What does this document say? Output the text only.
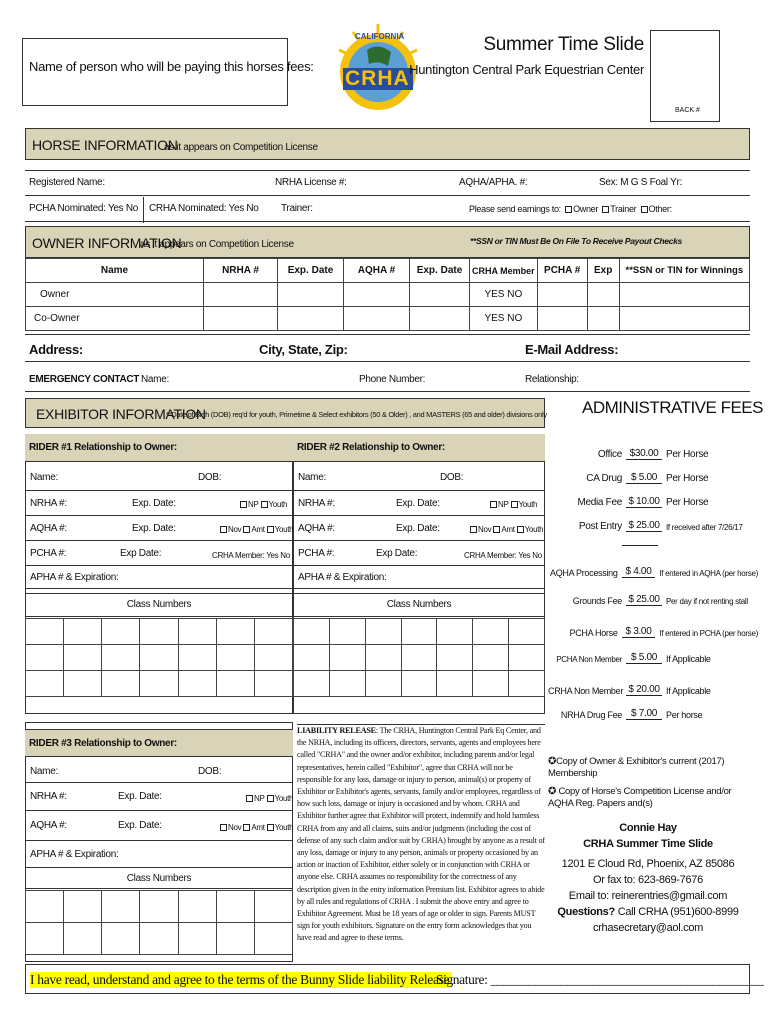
Name of person who will be paying this horses fees:
CALIFORNIA
CRHA
Summer Time Slide
Huntington Central Park Equestrian Center
BACK #
HORSE INFORMATION
as it appears on Competition License
Registered Name:	NRHA License #:	AQHA/APHA. #:	Sex: M G S Foal Yr:
PCHA Nominated: Yes No CRHA Nominated: Yes No Trainer:	Please send earnings to: Owner Trainer Other:
OWNER INFORMATION
as it appears on Competition License	**SSN or TIN Must Be On File To Receive Payout Checks
Name	NRHA #	Exp. Date	AQHA #	Exp. Date	CRHA Member	PCHA #	Exp	**SSN or TIN for Winnings
Owner					YES NO			
Co-Owner					YES NO			
Address:	City, State, Zip:	E-Mail Address:
EMERGENCY CONTACT Name:	Phone Number:	Relationship:
EXHIBITOR INFORMATION
**Date of Birth (DOB) req'd for youth, Primetime & Select exhibitors (50 & Older) , and MASTERS (65 and older) divisions only ADMINISTRATIVE FEES
RIDER #1 Relationship to Owner:
Name:	DOB:
NRHA #:	Exp. Date:	NP Youth
AQHA #:	Exp. Date:	Nov Amt Youth
PCHA #:	Exp Date:	CRHA Member: Yes No
APHA # & Expiration:
Class Numbers

RIDER #2 Relationship to Owner:
Name:	DOB:
NRHA #:	Exp. Date:	NP Youth
AQHA #:	Exp. Date:	Nov Amt Youth
PCHA #:	Exp Date:	CRHA Member: Yes No
APHA # & Expiration:
Class Numbers

Office $30.00 Per Horse
CA Drug $ 5.00 Per Horse
Media Fee $ 10.00 Per Horse
Post Entry $ 25.00 If received after 7/26/17
AQHA Processing $ 4.00 If entered in AQHA (per horse)
Grounds Fee $ 25.00 Per day if not renting stall
PCHA Horse $ 3.00 If entered in PCHA (per horse)
PCHA Non Member $ 5.00	If Applicable
CRHA Non Member $ 20.00 If Applicable
NRHA Drug Fee $ 7.00	Per horse
RIDER #3 Relationship to Owner:
Name:	DOB:
NRHA #:	Exp. Date:	NP Youth
AQHA #:	Exp. Date:	Nov Amt Youth
APHA # & Expiration:
Class Numbers

LIABILITY RELEASE: The CRHA, Huntington Central Park Eq Center, and the NRHA, including its officers, directors, servants, agents and employees here called "CRHA" and the owner and/or exhibitor, including parents and/or legal representatives, herein called "Exhibitor", agree that CRHA will not be responsible for any loss, damage or injury to person, animal(s) or property of Exhibitor or Exhibitor's agents, servants, family and/or employees, regardless of how such loss, damage or injury is occasioned and by whom. CRHA and Exhibitor further agree that Exhibitor will protect, indemnify and hold harmless CRHA from any and all claims, suits and/or judgments (including the cost of defense of any such claim and/or suit by CRHA) brought by anyone as a result of any loss, damage or injury to any person, animals or property occasioned by an action or inaction of Exhibitor, either solely or in conjunction with CRHA or anyone else. CRHA assumes no responsibility for the correctness of any description given in the entry information Premium list. Exhibitor agrees to abide by all rules and regulations of CRHA . I submit the above entry and agree to Exhibitor Agreement. Must be 18 years of age or older to sign. Parents MUST sign for youth exhibitors. Signature on the entry form acknowledges that you have read and agree to these terms.

✪Copy of Owner & Exhibitor's current (2017) Membership
✪ Copy of Horse's Competition License and/or AQHA Reg. Papers and(s)
Connie Hay
CRHA Summer Time Slide
1201 E Cloud Rd, Phoenix, AZ 85086
Or fax to: 623-869-7676
Email to: reinerentries@gmail.com
Questions? Call CRHA (951)600-8999
crhasecretary@aol.com
I have read, understand and agree to the terms of the Bunny Slide liability Release.
Signature: ___________________________________________
